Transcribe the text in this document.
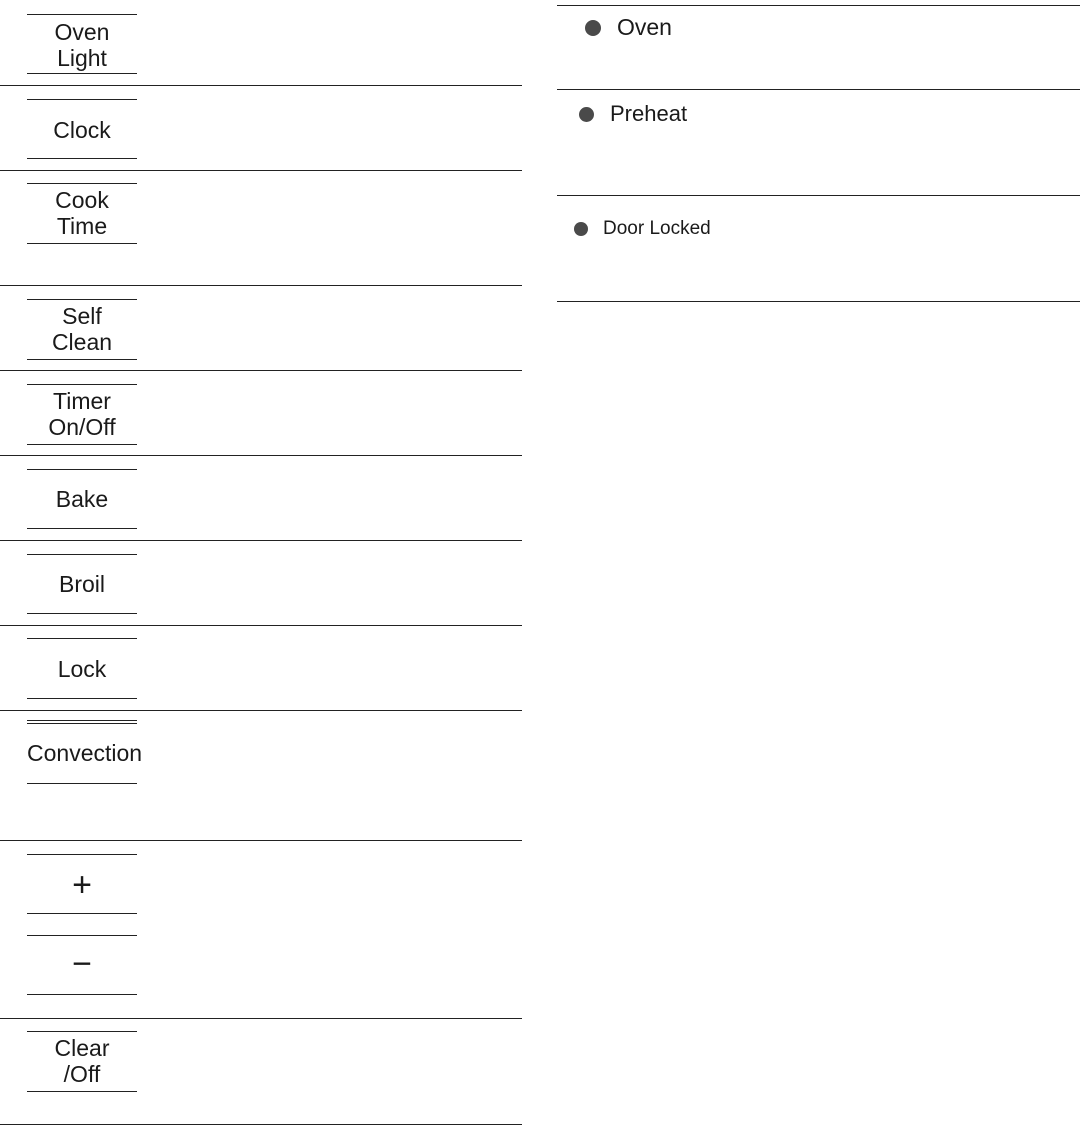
Oven
Light
Clock
Cook
Time
Self
Clean
Timer
On/Off
Bake
Broil
Lock
Convection
+
−
Clear
/Off
Oven
Preheat
Door Locked
